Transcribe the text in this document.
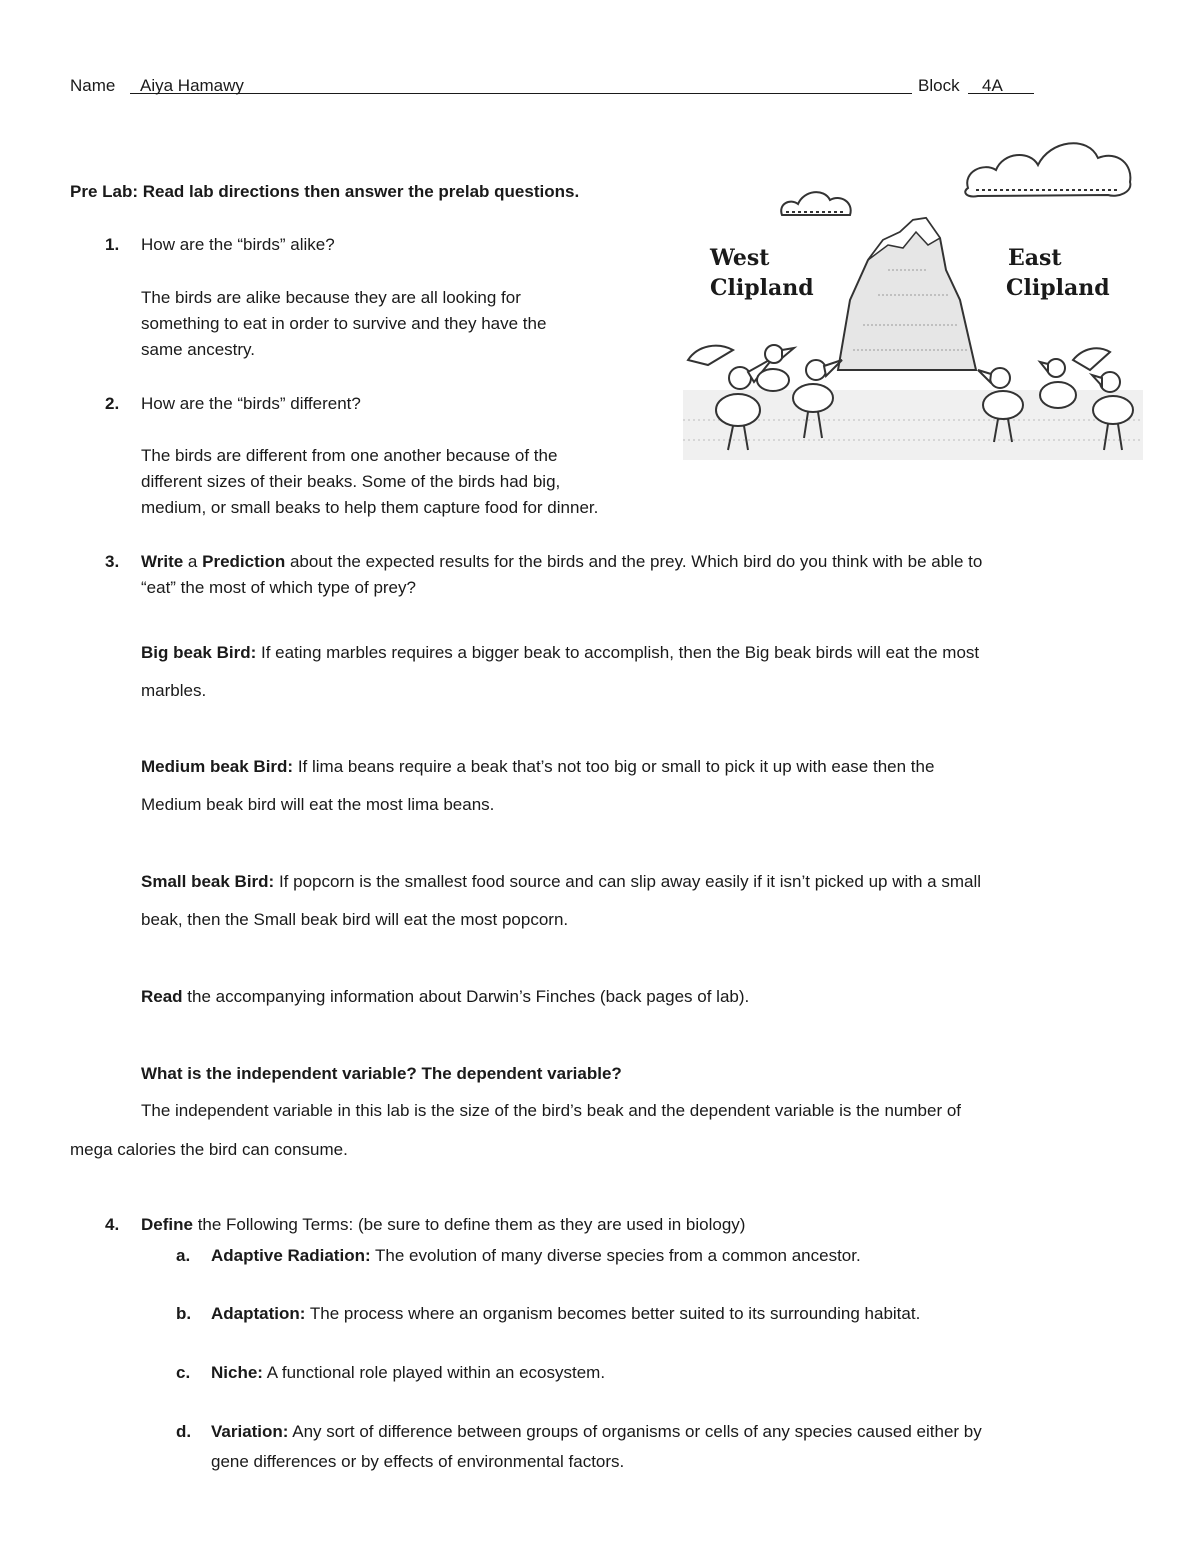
Name Aiya Hamawy	Block 4A
Pre Lab: Read lab directions then answer the prelab questions.
1. How are the “birds” alike?
The birds are alike because they are all looking for
something to eat in order to survive and they have the
same ancestry.
2. How are the “birds” different?
The birds are different from one another because of the
different sizes of their beaks. Some of the birds had big,
medium, or small beaks to help them capture food for dinner.
West
Clipland
East
Clipland
3. Write a Prediction about the expected results for the birds and the prey. Which bird do you think with be able to
“eat” the most of which type of prey?
Big beak Bird: If eating marbles requires a bigger beak to accomplish, then the Big beak birds will eat the most
marbles.
Medium beak Bird: If lima beans require a beak that’s not too big or small to pick it up with ease then the
Medium beak bird will eat the most lima beans.
Small beak Bird: If popcorn is the smallest food source and can slip away easily if it isn’t picked up with a small
beak, then the Small beak bird will eat the most popcorn.
Read the accompanying information about Darwin’s Finches (back pages of lab).
What is the independent variable? The dependent variable?
The independent variable in this lab is the size of the bird’s beak and the dependent variable is the number of
mega calories the bird can consume.
4. Define the Following Terms: (be sure to define them as they are used in biology)
a. Adaptive Radiation: The evolution of many diverse species from a common ancestor.
b. Adaptation: The process where an organism becomes better suited to its surrounding habitat.
c. Niche: A functional role played within an ecosystem.
d. Variation: Any sort of difference between groups of organisms or cells of any species caused either by
gene differences or by effects of environmental factors.
